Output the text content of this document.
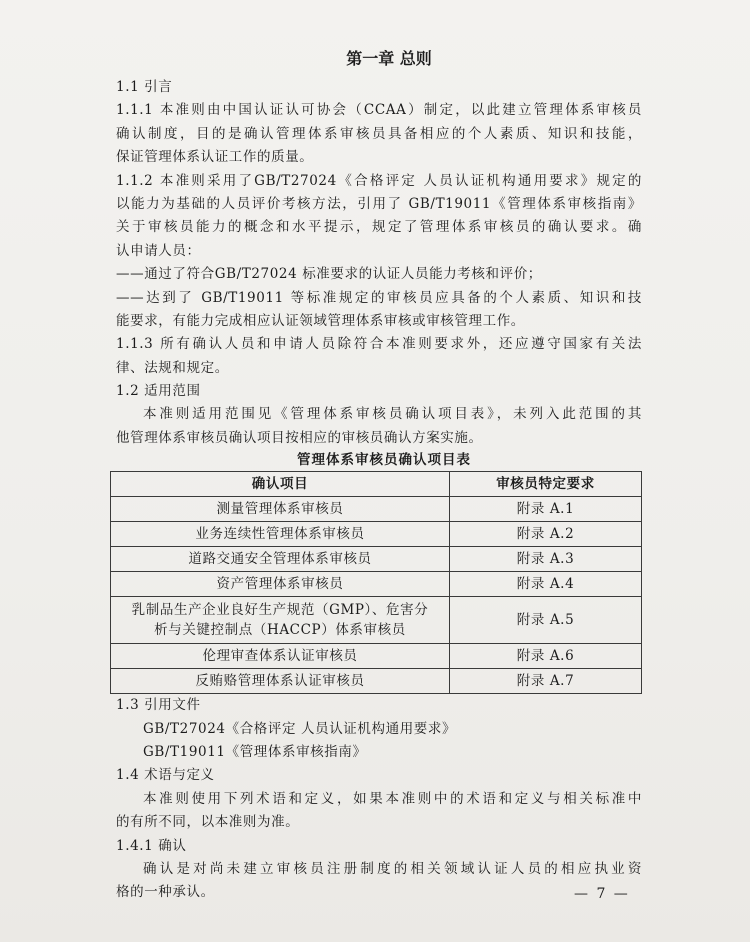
第一章 总则
1.1 引言
1.1.1 本准则由中国认证认可协会（CCAA）制定，以此建立管理体系审核员
确认制度，目的是确认管理体系审核员具备相应的个人素质、知识和技能，
保证管理体系认证工作的质量。
1.1.2 本准则采用了GB/T27024《合格评定 人员认证机构通用要求》规定的
以能力为基础的人员评价考核方法，引用了 GB/T19011《管理体系审核指南》
关于审核员能力的概念和水平提示，规定了管理体系审核员的确认要求。确
认申请人员：
——通过了符合GB/T27024 标准要求的认证人员能力考核和评价；
——达到了 GB/T19011 等标准规定的审核员应具备的个人素质、知识和技
能要求，有能力完成相应认证领域管理体系审核或审核管理工作。
1.1.3 所有确认人员和申请人员除符合本准则要求外，还应遵守国家有关法
律、法规和规定。
1.2 适用范围
本准则适用范围见《管理体系审核员确认项目表》，未列入此范围的其
他管理体系审核员确认项目按相应的审核员确认方案实施。
管理体系审核员确认项目表
确认项目	审核员特定要求

测量管理体系审核员	附录 A.1

业务连续性管理体系审核员	附录 A.2

道路交通安全管理体系审核员	附录 A.3

资产管理体系审核员	附录 A.4

乳制品生产企业良好生产规范（GMP）、危害分
析与关键控制点（HACCP）体系审核员	附录 A.5

伦理审查体系认证审核员	附录 A.6

反贿赂管理体系认证审核员	附录 A.7
1.3 引用文件
GB/T27024《合格评定 人员认证机构通用要求》
GB/T19011《管理体系审核指南》
1.4 术语与定义
本准则使用下列术语和定义，如果本准则中的术语和定义与相关标准中
的有所不同，以本准则为准。
1.4.1 确认
确认是对尚未建立审核员注册制度的相关领域认证人员的相应执业资
格的一种承认。	— 7 —
